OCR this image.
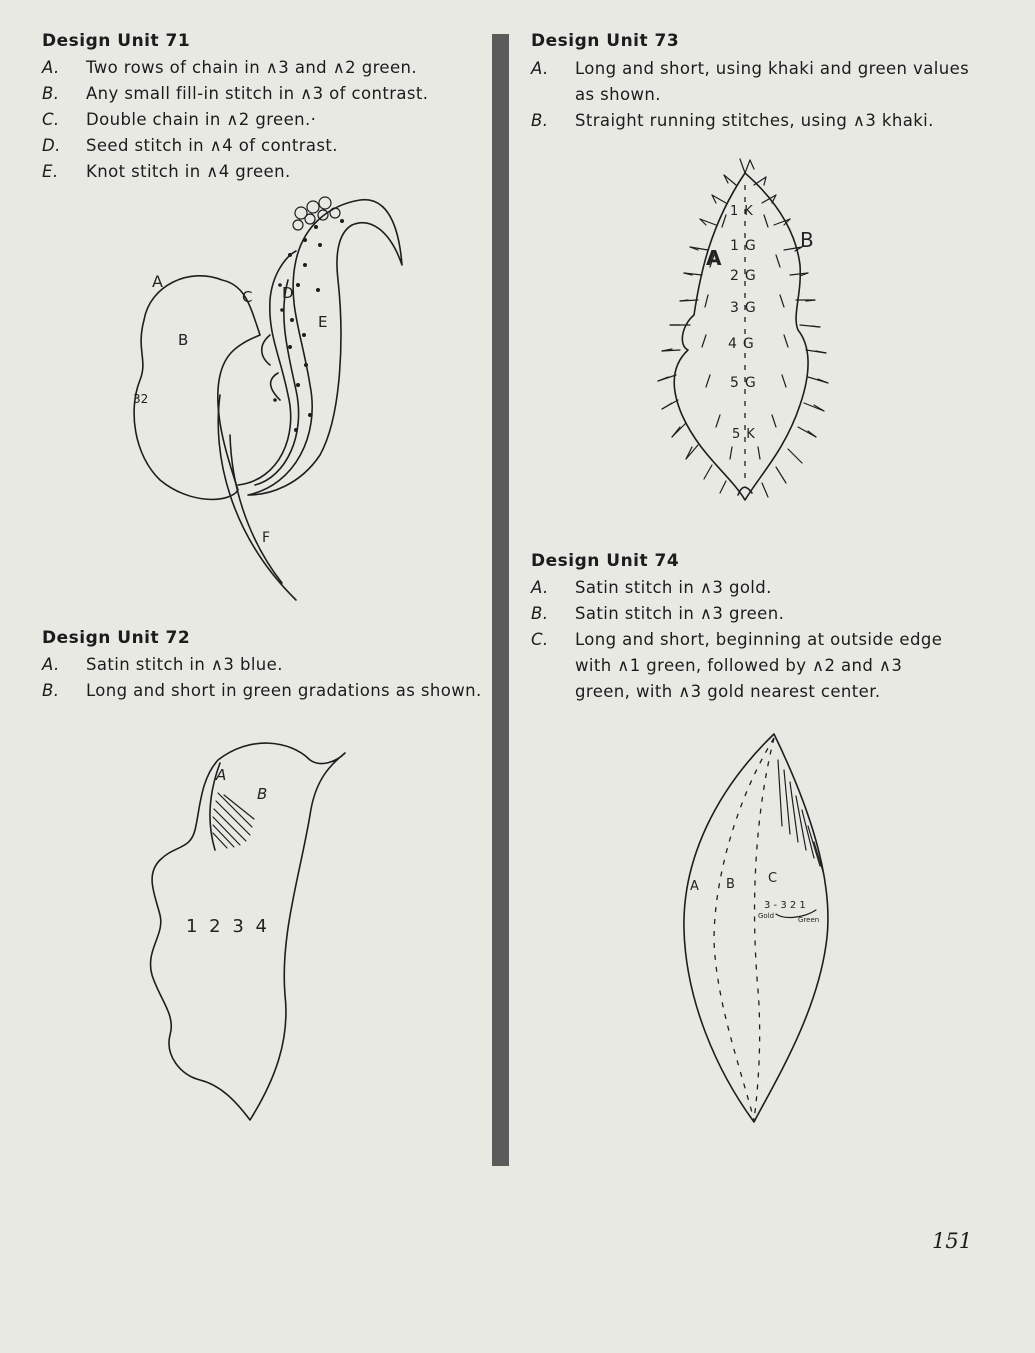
Design Unit 71
A.	Two rows of chain in ∧3 and ∧2 green.
B.	Any small fill-in stitch in ∧3 of contrast.
C.	Double chain in ∧2 green.·
D.	Seed stitch in ∧4 of contrast.
E.	Knot stitch in ∧4 green.
A
B
C D
E
F
32
Design Unit 72
A.	Satin stitch in ∧3 blue.
B.	Long and short in green gradations as shown.
A
B
1 2 3 4
Design Unit 73
A.	Long and short, using khaki and green values
as shown.
B.	Straight running stitches, using ∧3 khaki.
A
B
1K
1G
2G
3G
4G
5G
5K
Design Unit 74
A.	Satin stitch in ∧3 gold.
B.	Satin stitch in ∧3 green.
C.	Long and short, beginning at outside edge
with ∧1 green, followed by ∧2 and ∧3
green, with ∧3 gold nearest center.
A B	C
3 - 3 2 1
Gold	Green
151
